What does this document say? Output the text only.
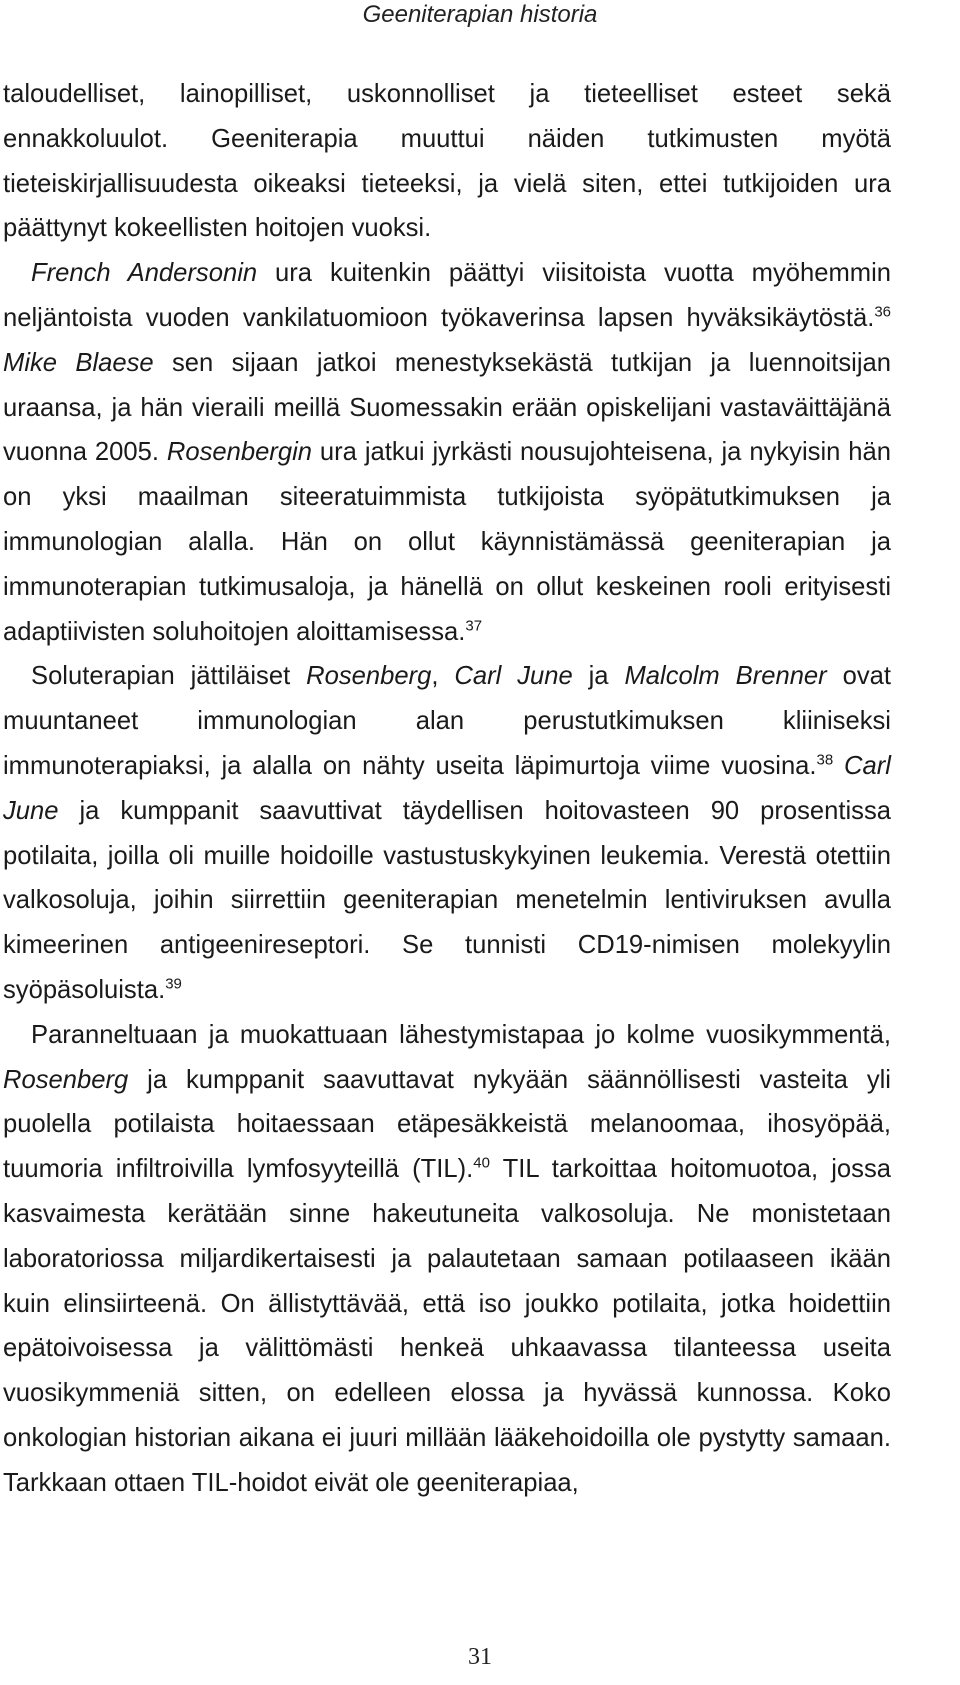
Geeniterapian historia

taloudelliset, lainopilliset, uskonnolliset ja tieteelliset esteet sekä ennakkoluulot. Geeniterapia muuttui näiden tutkimusten myötä tieteiskirjallisuudesta oikeaksi tieteeksi, ja vielä siten, ettei tutkijoiden ura päättynyt kokeellisten hoitojen vuoksi.

French Andersonin ura kuitenkin päättyi viisitoista vuotta myöhemmin neljäntoista vuoden vankilatuomioon työkaverinsa lapsen hyväksikäytöstä.$^{36}$ Mike Blaese sen sijaan jatkoi menestyksekästä tutkijan ja luennoitsijan uraansa, ja hän vieraili meillä Suomessakin erään opiskelijani vastaväittäjänä vuonna 2005. Rosenbergin ura jatkui jyrkästi nousujohteisena, ja nykyisin hän on yksi maailman siteeratuimmista tutkijoista syöpätutkimuksen ja immunologian alalla. Hän on ollut käynnistämässä geeniterapian ja immunoterapian tutkimusaloja, ja hänellä on ollut keskeinen rooli erityisesti adaptiivisten soluhoitojen aloittamisessa.$^{37}$

Soluterapian jättiläiset Rosenberg, Carl June ja Malcolm Brenner ovat muuntaneet immunologian alan perustutkimuksen kliiniseksi immunoterapiaksi, ja alalla on nähty useita läpimurtoja viime vuosina.$^{38}$ Carl June ja kumppanit saavuttivat täydellisen hoitovasteen 90 prosentissa potilaita, joilla oli muille hoidoille vastustuskykyinen leukemia. Verestä otettiin valkosoluja, joihin siirrettiin geeniterapian menetelmin lentiviruksen avulla kimeerinen antigeenireseptori. Se tunnisti CD19-nimisen molekyylin syöpäsoluista.$^{39}$

Paranneltuaan ja muokattuaan lähestymistapaa jo kolme vuosikymmentä, Rosenberg ja kumppanit saavuttavat nykyään säännöllisesti vasteita yli puolella potilaista hoitaessaan etäpesäkkeistä melanoomaa, ihosyöpää, tuumoria infiltroivilla lymfosyyteillä (TIL).$^{40}$ TIL tarkoittaa hoitomuotoa, jossa kasvaimesta kerätään sinne hakeutuneita valkosoluja. Ne monistetaan laboratoriossa miljardikertaisesti ja palautetaan samaan potilaaseen ikään kuin elinsiirteenä. On ällistyttävää, että iso joukko potilaita, jotka hoidettiin epätoivoisessa ja välittömästi henkeä uhkaavassa tilanteessa useita vuosikymmeniä sitten, on edelleen elossa ja hyvässä kunnossa. Koko onkologian historian aikana ei juuri millään lääkehoidoilla ole pystytty samaan. Tarkkaan ottaen TIL-hoidot eivät ole geeniterapiaa,

31
